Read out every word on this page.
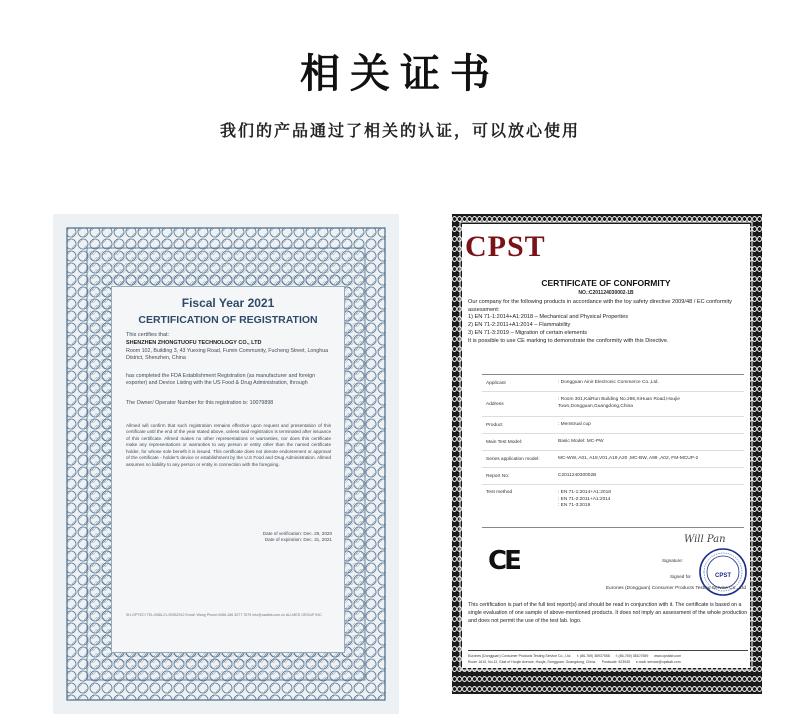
相关证书
我们的产品通过了相关的认证，可以放心使用
Fiscal Year 2021
CERTIFICATION OF REGISTRATION
This certifies that:
SHENZHEN ZHONGTUOFU TECHNOLOGY CO., LTD
Room 102, Building 3, 43 Yuexing Road, Fumin Community, Fucheng Street, Longhua District, Shenzhen, China
has completed the FDA Establishment Registration (as manufacturer and foreign exporter) and Device Listing with the US Food & Drug Administration, through
The Owner/ Operator Number for this registration is: 10079898
Allmed will confirm that such registration remains effective upon request and presentation of this certificate until the end of the year stated above, unless said registration is terminated after issuance of this certificate. Allmed makes no other representations or warranties, nor does this certificate make any representations or warranties to any person or entity other than the named certificate holder, for whose sole benefit it is issued. This certificate does not denote endorsement or approval of the certificate - holder's device or establishment by the U.S Food and Drug Administration. Allmed assumes no liability to any person or entity in connection with the foregoing.
Date of verification: Dec. 29, 2020
Date of expiration: Dec. 31, 2021
SH-OPTECI TEL:0086-21-59352912 Email: Wang Phone:0086-186 3077 7679 info@usafda.com.cn ALLMED GROUP INC.
CPST
CERTIFICATE OF CONFORMITY
NO.:C201124030002-1B
Our company for the following products in accordance with the toy safety directive 2009/48 / EC conformity assessment:
1) EN 71-1:2014+A1:2018 – Mechanical and Physical Properties
2) EN 71-2:2011+A1:2014 – Flammability
3) EN 71-3:2019 – Migration of certain elements
It is possible to use CE marking to demonstrate the conformity with this Directive.
Applicant	: Dongguan Ainir Electronic Commerce Co.,Ltd.
Address
: Room 301,KaiRun Building No.286,XiHuan Road,Houjie
Town,Dongguan,Guangdong,China
Product	: Menstrual cup
Main Test Model:	Basic Model: MC-PW
Series application model:	MC-WW, A01, A18,V01,A19,A20 ,MC-BW, A99 ,A02, FM-MCUP-2
Report No:	C201124030002B
Test method	: EN 71-1:2014+A1:2018
: EN 71-2:2011+A1:2014
: EN 71-3:2019
CE
Will Pan
Signature:
CPST
Signed for
Eurones (Dongguan) Consumer Products Testing Service Co., Ltd
This certification is part of the full test report(s) and should be read in conjunction with it. The certificate is based on a single evaluation of one sample of above-mentioned products. It does not imply an assessment of the whole production and does not permit the use of the test lab. logo.
Eurones (Dongguan) Consumer Products Testing Service Co., Ltd.      t: (86-769) 38937558      f: (86-769) 38107559      www.cpstlab.com
Room 1610, No.12, East of Houjie Avenue, Houjie, Dongguan, Guangdong, China.      Postcode: 523945      e-mail: service@cpstlab.com
